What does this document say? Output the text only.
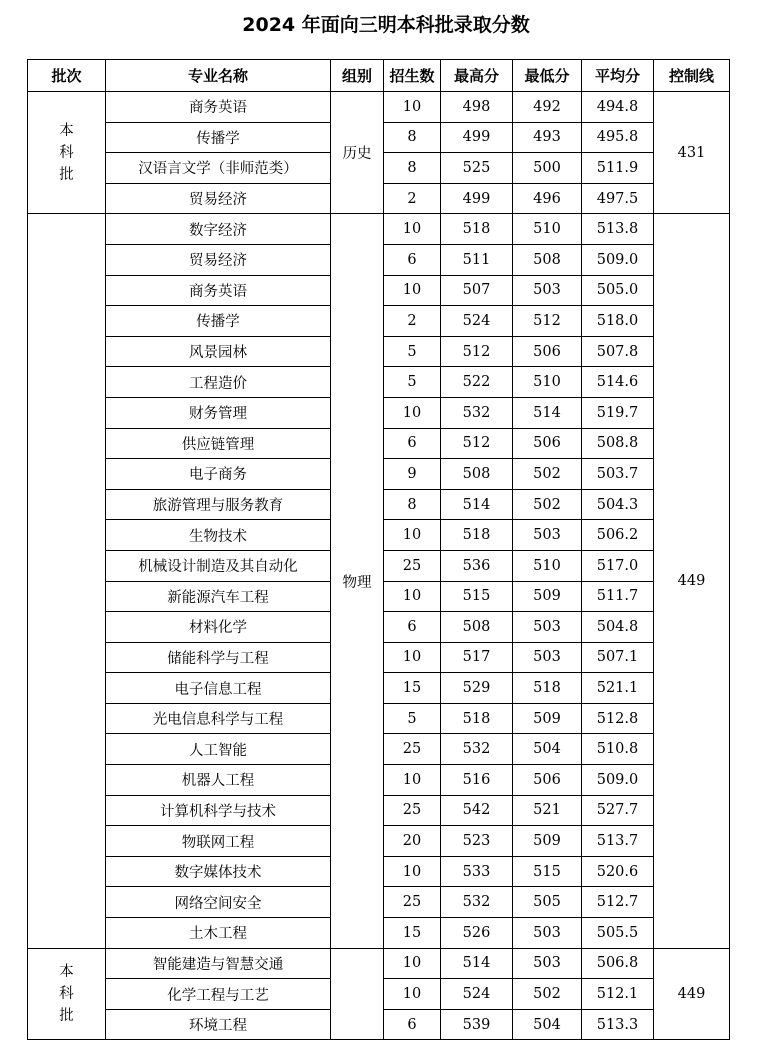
2024 年面向三明本科批录取分数
批次	专业名称	组别	招生数	最高分	最低分	平均分	控制线

本
科
批	商务英语	历史	10	498	492	494.8	431
	传播学		8	499	493	495.8	
	汉语言文学（非师范类）		8	525	500	511.9	
	贸易经济		2	499	496	497.5	
	数字经济	物理	10	518	510	513.8	449
	贸易经济		6	511	508	509.0	
	商务英语		10	507	503	505.0	
	传播学		2	524	512	518.0	
	风景园林		5	512	506	507.8	
	工程造价		5	522	510	514.6	
	财务管理		10	532	514	519.7	
	供应链管理		6	512	506	508.8	
	电子商务		9	508	502	503.7	
	旅游管理与服务教育		8	514	502	504.3	
	生物技术		10	518	503	506.2	
	机械设计制造及其自动化		25	536	510	517.0	
	新能源汽车工程		10	515	509	511.7	
	材料化学		6	508	503	504.8	
	储能科学与工程		10	517	503	507.1	
	电子信息工程		15	529	518	521.1	
	光电信息科学与工程		5	518	509	512.8	
	人工智能		25	532	504	510.8	
	机器人工程		10	516	506	509.0	
	计算机科学与技术		25	542	521	527.7	
	物联网工程		20	523	509	513.7	
	数字媒体技术		10	533	515	520.6	
	网络空间安全		25	532	505	512.7	
	土木工程		15	526	503	505.5	

本
科
批	智能建造与智慧交通		10	514	503	506.8	449
	化学工程与工艺		10	524	502	512.1	
	环境工程		6	539	504	513.3	
